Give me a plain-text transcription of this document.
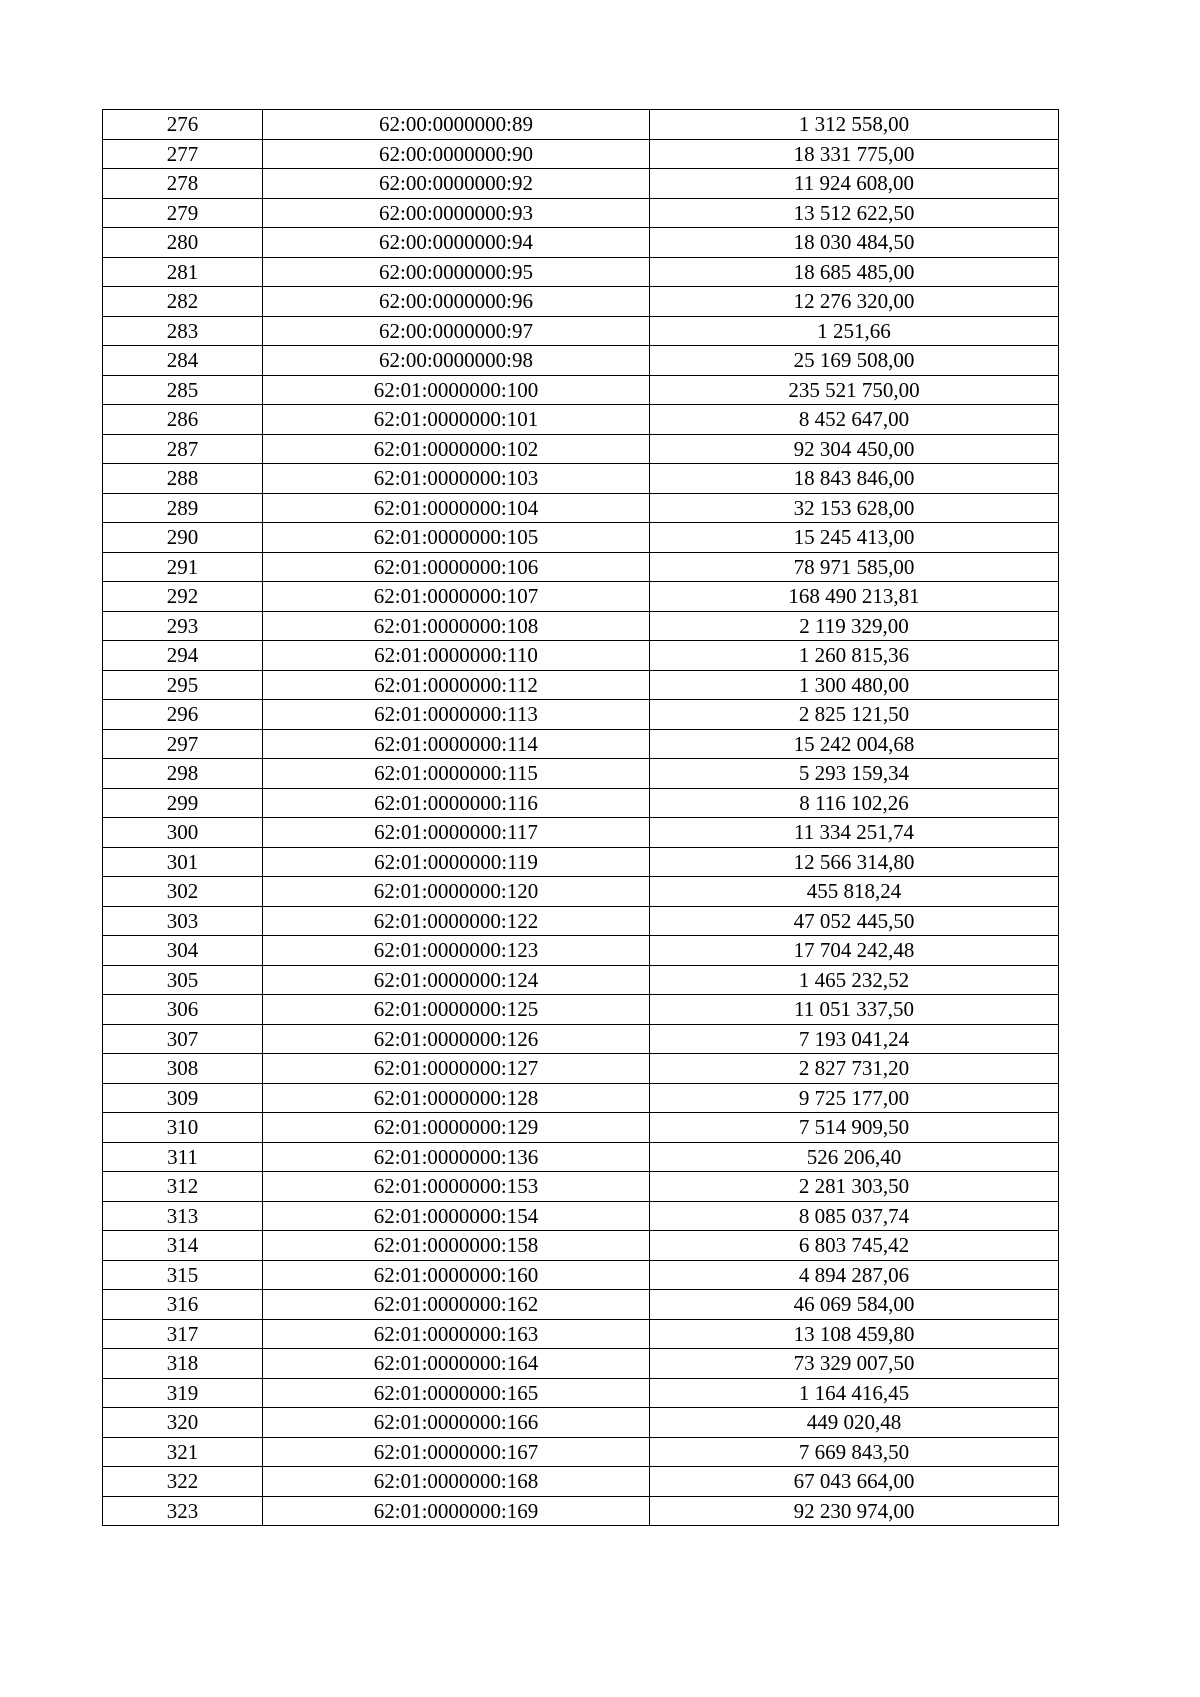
276	62:00:0000000:89	1 312 558,00
277	62:00:0000000:90	18 331 775,00
278	62:00:0000000:92	11 924 608,00
279	62:00:0000000:93	13 512 622,50
280	62:00:0000000:94	18 030 484,50
281	62:00:0000000:95	18 685 485,00
282	62:00:0000000:96	12 276 320,00
283	62:00:0000000:97	1 251,66
284	62:00:0000000:98	25 169 508,00
285	62:01:0000000:100	235 521 750,00
286	62:01:0000000:101	8 452 647,00
287	62:01:0000000:102	92 304 450,00
288	62:01:0000000:103	18 843 846,00
289	62:01:0000000:104	32 153 628,00
290	62:01:0000000:105	15 245 413,00
291	62:01:0000000:106	78 971 585,00
292	62:01:0000000:107	168 490 213,81
293	62:01:0000000:108	2 119 329,00
294	62:01:0000000:110	1 260 815,36
295	62:01:0000000:112	1 300 480,00
296	62:01:0000000:113	2 825 121,50
297	62:01:0000000:114	15 242 004,68
298	62:01:0000000:115	5 293 159,34
299	62:01:0000000:116	8 116 102,26
300	62:01:0000000:117	11 334 251,74
301	62:01:0000000:119	12 566 314,80
302	62:01:0000000:120	455 818,24
303	62:01:0000000:122	47 052 445,50
304	62:01:0000000:123	17 704 242,48
305	62:01:0000000:124	1 465 232,52
306	62:01:0000000:125	11 051 337,50
307	62:01:0000000:126	7 193 041,24
308	62:01:0000000:127	2 827 731,20
309	62:01:0000000:128	9 725 177,00
310	62:01:0000000:129	7 514 909,50
311	62:01:0000000:136	526 206,40
312	62:01:0000000:153	2 281 303,50
313	62:01:0000000:154	8 085 037,74
314	62:01:0000000:158	6 803 745,42
315	62:01:0000000:160	4 894 287,06
316	62:01:0000000:162	46 069 584,00
317	62:01:0000000:163	13 108 459,80
318	62:01:0000000:164	73 329 007,50
319	62:01:0000000:165	1 164 416,45
320	62:01:0000000:166	449 020,48
321	62:01:0000000:167	7 669 843,50
322	62:01:0000000:168	67 043 664,00
323	62:01:0000000:169	92 230 974,00
